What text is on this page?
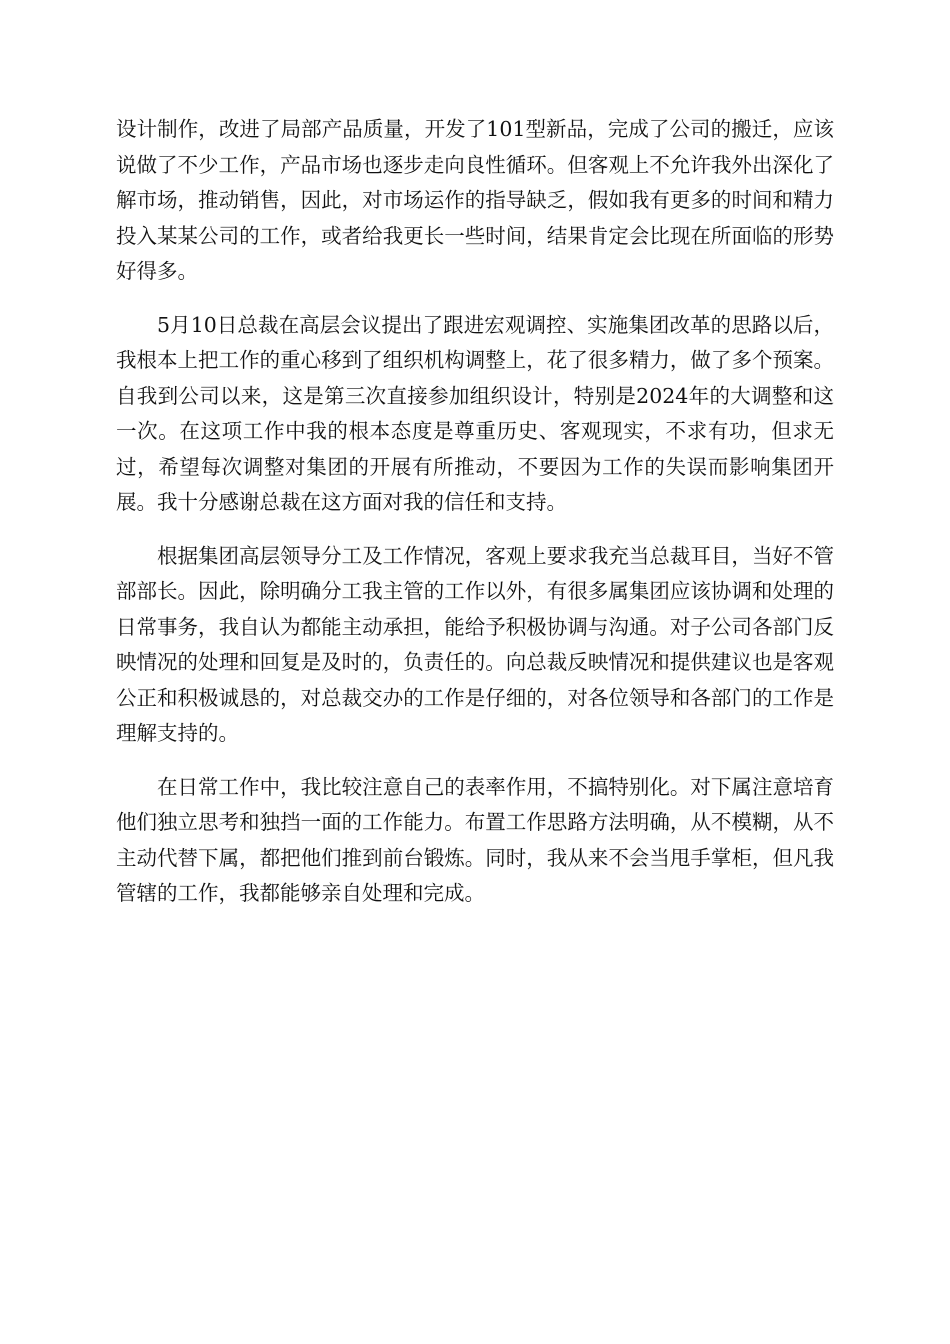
设计制作，改进了局部产品质量，开发了101型新品，完成了公司的搬迁，应该说做了不少工作，产品市场也逐步走向良性循环。但客观上不允许我外出深化了解市场，推动销售，因此，对市场运作的指导缺乏，假如我有更多的时间和精力投入某某公司的工作，或者给我更长一些时间，结果肯定会比现在所面临的形势好得多。

5月10日总裁在高层会议提出了跟进宏观调控、实施集团改革的思路以后，我根本上把工作的重心移到了组织机构调整上，花了很多精力，做了多个预案。自我到公司以来，这是第三次直接参加组织设计，特别是2024年的大调整和这一次。在这项工作中我的根本态度是尊重历史、客观现实，不求有功，但求无过，希望每次调整对集团的开展有所推动，不要因为工作的失误而影响集团开展。我十分感谢总裁在这方面对我的信任和支持。

根据集团高层领导分工及工作情况，客观上要求我充当总裁耳目，当好不管部部长。因此，除明确分工我主管的工作以外，有很多属集团应该协调和处理的日常事务，我自认为都能主动承担，能给予积极协调与沟通。对子公司各部门反映情况的处理和回复是及时的，负责任的。向总裁反映情况和提供建议也是客观公正和积极诚恳的，对总裁交办的工作是仔细的，对各位领导和各部门的工作是理解支持的。

在日常工作中，我比较注意自己的表率作用，不搞特别化。对下属注意培育他们独立思考和独挡一面的工作能力。布置工作思路方法明确，从不模糊，从不主动代替下属，都把他们推到前台锻炼。同时，我从来不会当甩手掌柜，但凡我管辖的工作，我都能够亲自处理和完成。
